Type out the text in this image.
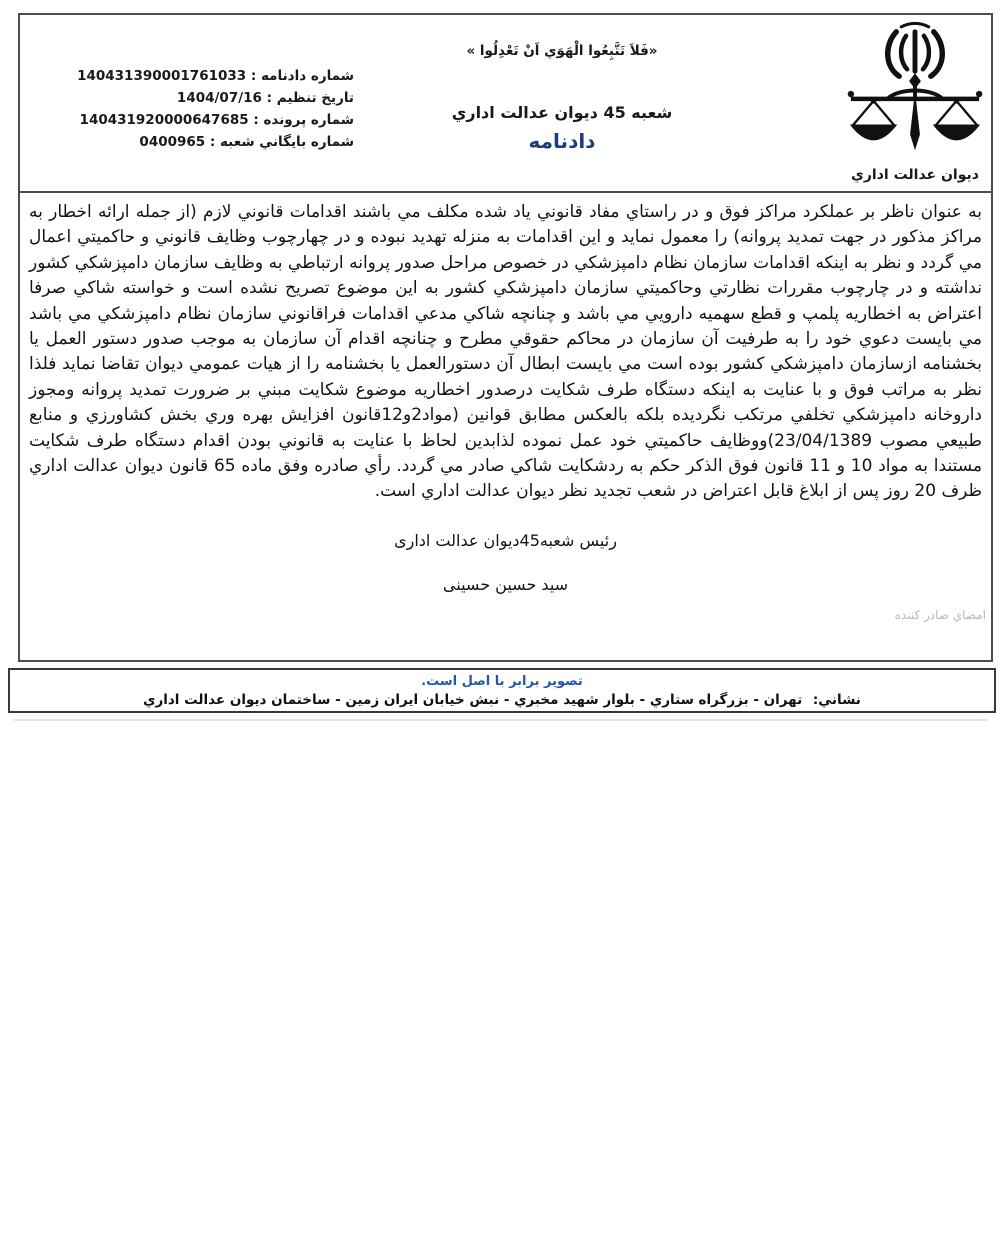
شماره دادنامه : 140431390001761033
تاريخ تنظيم : 1404/07/16
شماره پرونده : 140431920000647685
شماره بايگاني شعبه : 0400965
«فَلاَ تَتَّبِعُوا الْهَوَي اَنْ تَعْدِلُوا »
شعبه 45 ديوان عدالت اداري
دادنامه
ديوان عدالت اداري

به عنوان ناظر بر عملکرد مراکز فوق و در راستاي مفاد قانوني ياد شده مکلف مي باشند اقدامات قانوني لازم (از جمله ارائه اخطار به مراکز مذکور در جهت تمديد پروانه) را معمول نمايد و اين اقدامات به منزله تهديد نبوده و در چهارچوب وظايف قانوني و حاکميتي اعمال مي گردد و نظر به اينکه اقدامات سازمان نظام دامپزشکي در خصوص مراحل صدور پروانه ارتباطي به وظايف سازمان دامپزشکي کشور نداشته و در چارچوب مقررات نظارتي وحاکميتي سازمان دامپزشکي کشور به اين موضوع تصريح نشده است و خواسته شاکي صرفا اعتراض به اخطاريه پلمپ و قطع سهميه دارويي مي باشد و چنانچه شاکي مدعي اقدامات فراقانوني سازمان نظام دامپزشکي مي باشد مي بايست دعوي خود را به طرفيت آن سازمان در محاکم حقوقي مطرح و چنانچه اقدام آن سازمان به موجب صدور دستور العمل يا بخشنامه ازسازمان دامپزشکي کشور بوده است مي بايست ابطال آن دستورالعمل يا بخشنامه را از هيات عمومي ديوان تقاضا نمايد فلذا نظر به مراتب فوق و با عنايت به اينکه دستگاه طرف شکايت درصدور اخطاريه موضوع شکايت مبني بر ضرورت تمديد پروانه ومجوز داروخانه دامپزشکي تخلفي مرتکب نگرديده بلکه بالعکس مطابق قوانين (مواد2و12قانون افزايش بهره وري بخش کشاورزي و منابع طبيعي مصوب 23/04/1389)ووظايف حاکميتي خود عمل نموده لذابدين لحاظ با عنايت به قانوني بودن اقدام دستگاه طرف شکايت مستندا به مواد 10 و 11 قانون فوق الذکر حکم به ردشکايت شاکي صادر مي گردد. رأي صادره وفق ماده 65 قانون ديوان عدالت اداري ظرف 20 روز پس از ابلاغ قابل اعتراض در شعب تجديد نظر ديوان عدالت اداري است.

رئيس شعبه45ديوان عدالت اداری
سید حسین حسینی
امضاي صادر كننده
تصوير برابر با اصل است.
نشاني: تهران - بزرگراه ستاري - بلوار شهيد مخبري - نبش خيابان ايران زمين - ساختمان ديوان عدالت اداري
